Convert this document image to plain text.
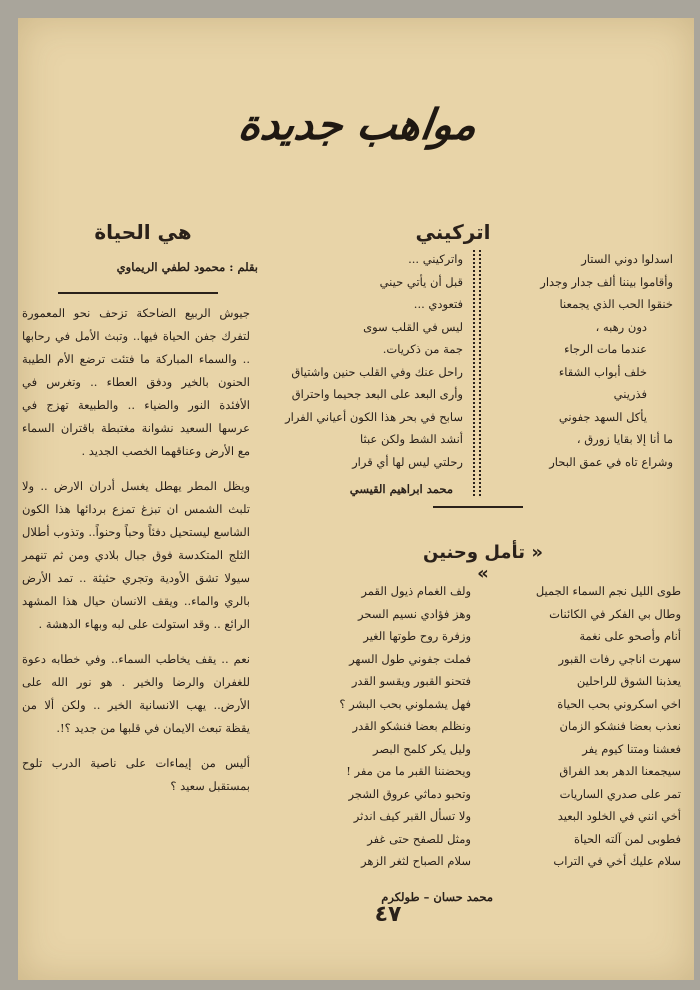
مواهب جديدة
هي الحياة
بقلم : محمود لطفي الريماوي

جيوش الربيع الضاحكة تزحف نحو المعمورة لتفرك جفن الحياة فيها.. وتبث الأمل في رحابها .. والسماء المباركة ما فتئت ترضع الأم الطيبة الحنون بالخير ودفق العطاء .. وتغرس في الأفئدة النور والضياء .. والطبيعة تهزج في عرسها السعيد نشوانة مغتبطة باقتران السماء مع الأرض وعناقهما الخصب الجديد .

ويظل المطر يهطل يغسل أدران الارض .. ولا تلبث الشمس ان تبزغ تمزع بردائها هذا الكون الشاسع ليستحيل دفئاً وحباً وحنواً.. وتذوب أطلال الثلج المتكدسة فوق جبال بلادي ومن ثم تنهمر سيولا تشق الأودية وتجري حثيثة .. تمد الأرض بالري والماء.. ويقف الانسان حيال هذا المشهد الرائع .. وقد استولت على لبه وبهاء الدهشة .

نعم .. يقف يخاطب السماء.. وفي خطابه دعوة للغفران والرضا والخير . هو نور الله على الأرض.. يهب الانسانية الخير .. ولكن ألا من يقظة تبعث الايمان في قلبها من جديد ؟!.

أليس من إيماءات على ناصية الدرب تلوح بمستقبل سعيد ؟

اتركيني
اسدلوا دوني الستار
وأقاموا بيننا ألف جدار وجدار
خنقوا الحب الذي يجمعنا
دون رهبه ،
عندما مات الرجاء
خلف أبواب الشقاء
فذريني
يأكل السهد جفوني
ما أنا إلا بقايا زورق ،
وشراع تاه في عمق البحار
واتركيني ...
قبل أن يأتي حيني
فتعودي ...
ليس في القلب سوى
جمة من ذكريات.
راحل عنك وفي القلب حنين واشتياق
وأرى البعد على البعد جحيما واحتراق
سابح في بحر هذا الكون أعياني الفرار
أنشد الشط ولكن عبثا
رحلتي ليس لها أي قرار
محمد ابراهيم القيسي
« تأمل وحنين »
طوى الليل نجم السماء الجميل
وطال بي الفكر في الكائنات
أنام وأصحو على نغمة
سهرت اناجي رفات القبور
يعذبنا الشوق للراحلين
اخي اسكروني بحب الحياة
نعذب بعضا فنشكو الزمان
فعشنا ومتنا كيوم يفر
سيجمعنا الدهر بعد الفراق
تمر على صدري الساريات
أخي انني في الخلود البعيد
فطوبى لمن آلته الحياة
سلام عليك أخي في التراب
ولف الغمام ذيول القمر
وهز فؤادي نسيم السحر
وزفرة روح طوتها الغير
فملت جفوني طول السهر
فتحنو القبور ويقسو القدر
فهل يشملوني بحب البشر ؟
ونظلم بعضا فنشكو القدر
وليل يكر كلمح البصر
ويحضننا القبر ما من مفر !
وتحبو دماثي عروق الشجر
ولا تسأل القبر كيف اندثر
ومثل للصفح حتى غفر
سلام الصباح لثغر الزهر
محمد حسان – طولكرم
٤٧
